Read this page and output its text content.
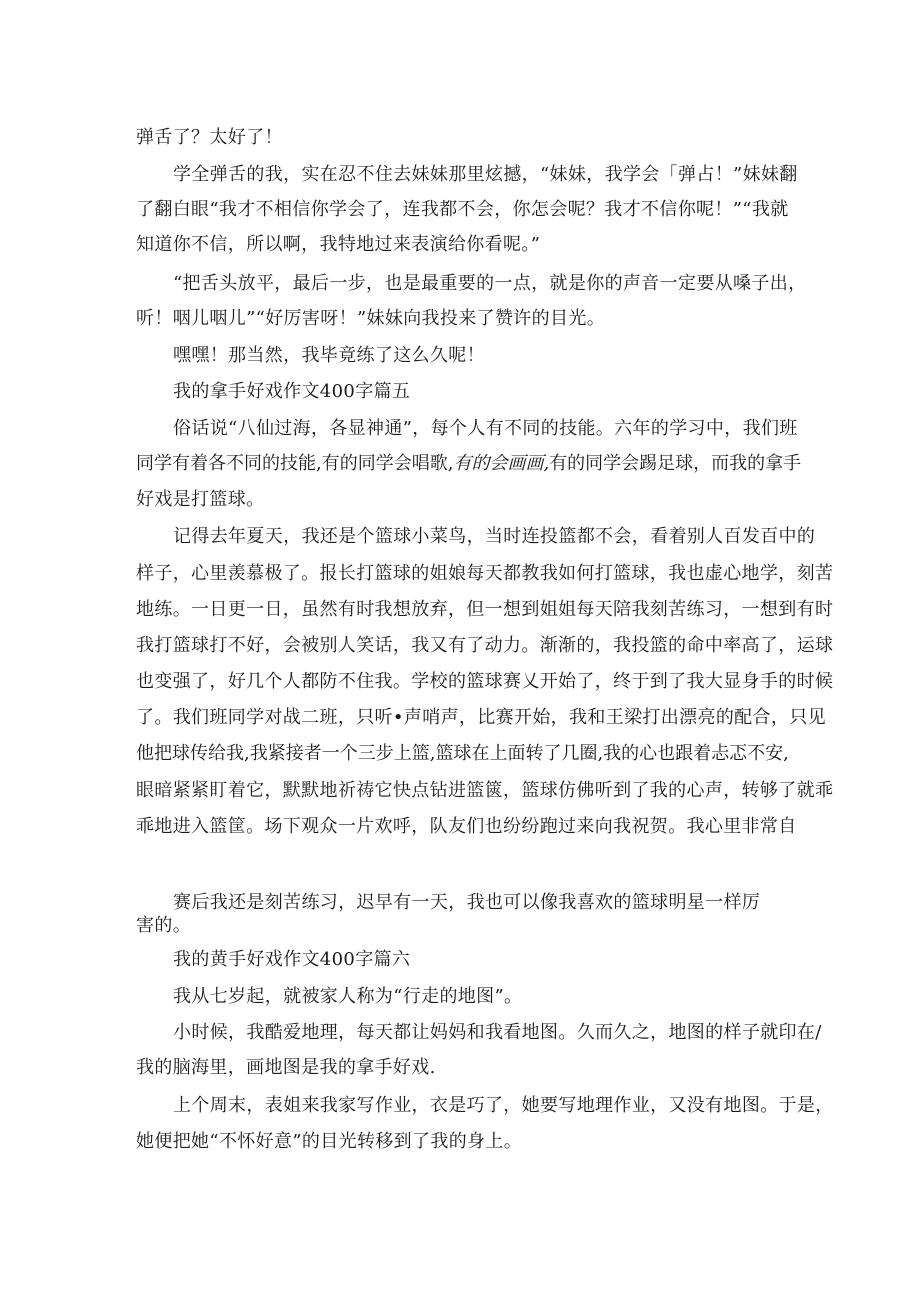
弹舌了？太好了！

学全弹舌的我，实在忍不住去妹妹那里炫撼，“妹妹，我学会「弹占！”妹妹翻

了翻白眼“我才不相信你学会了，连我都不会，你怎会呢？我才不信你呢！”“我就

知道你不信，所以啊，我特地过来表演给你看呢。”

“把舌头放平，最后一步，也是最重要的一点，就是你的声音一定要从嗓子出，

听！咽儿咽儿”“好厉害呀！”妹妹向我投来了赞许的目光。

嘿嘿！那当然，我毕竟练了这么久呢！

我的拿手好戏作文400字篇五

俗话说“八仙过海，各显神通”，每个人有不同的技能。六年的学习中，我们班

同学有着各不同的技能,有的同学会唱歌,有的会画画,有的同学会踢足球，而我的拿手

好戏是打篮球。

记得去年夏天，我还是个篮球小菜鸟，当时连投篮都不会，看着别人百发百中的

样子，心里羡慕极了。报长打篮球的姐娘每天都教我如何打篮球，我也虚心地学，刻苦

地练。一日更一日，虽然有时我想放弃，但一想到姐姐每天陪我刻苦练习，一想到有时

我打篮球打不好，会被别人笑话，我又有了动力。渐渐的，我投篮的命中率高了，运球

也变强了，好几个人都防不住我。学校的篮球赛乂开始了，终于到了我大显身手的时候

了。我们班同学对战二班，只听•声哨声，比赛开始，我和王梁打出漂亮的配合，只见

他把球传给我,我紧接者一个三步上篮,篮球在上面转了几圈,我的心也跟着忐忑不安,

眼暗紧紧盯着它，默默地祈祷它快点钻进篮篋，篮球仿佛听到了我的心声，转够了就乖

乖地进入篮筐。场下观众一片欢呼，队友们也纷纷跑过来向我祝贺。我心里非常自

赛后我还是刻苦练习，迟早有一天，我也可以像我喜欢的篮球明星一样厉

害的。

我的黄手好戏作文400字篇六

我从七岁起，就被家人称为“行走的地图”。

小时候，我酷爱地理，每天都让妈妈和我看地图。久而久之，地图的样子就印在/

我的脑海里，画地图是我的拿手好戏.

上个周末，表姐来我家写作业，衣是巧了，她要写地理作业，又没有地图。于是，

她便把她“不怀好意”的目光转移到了我的身上。
